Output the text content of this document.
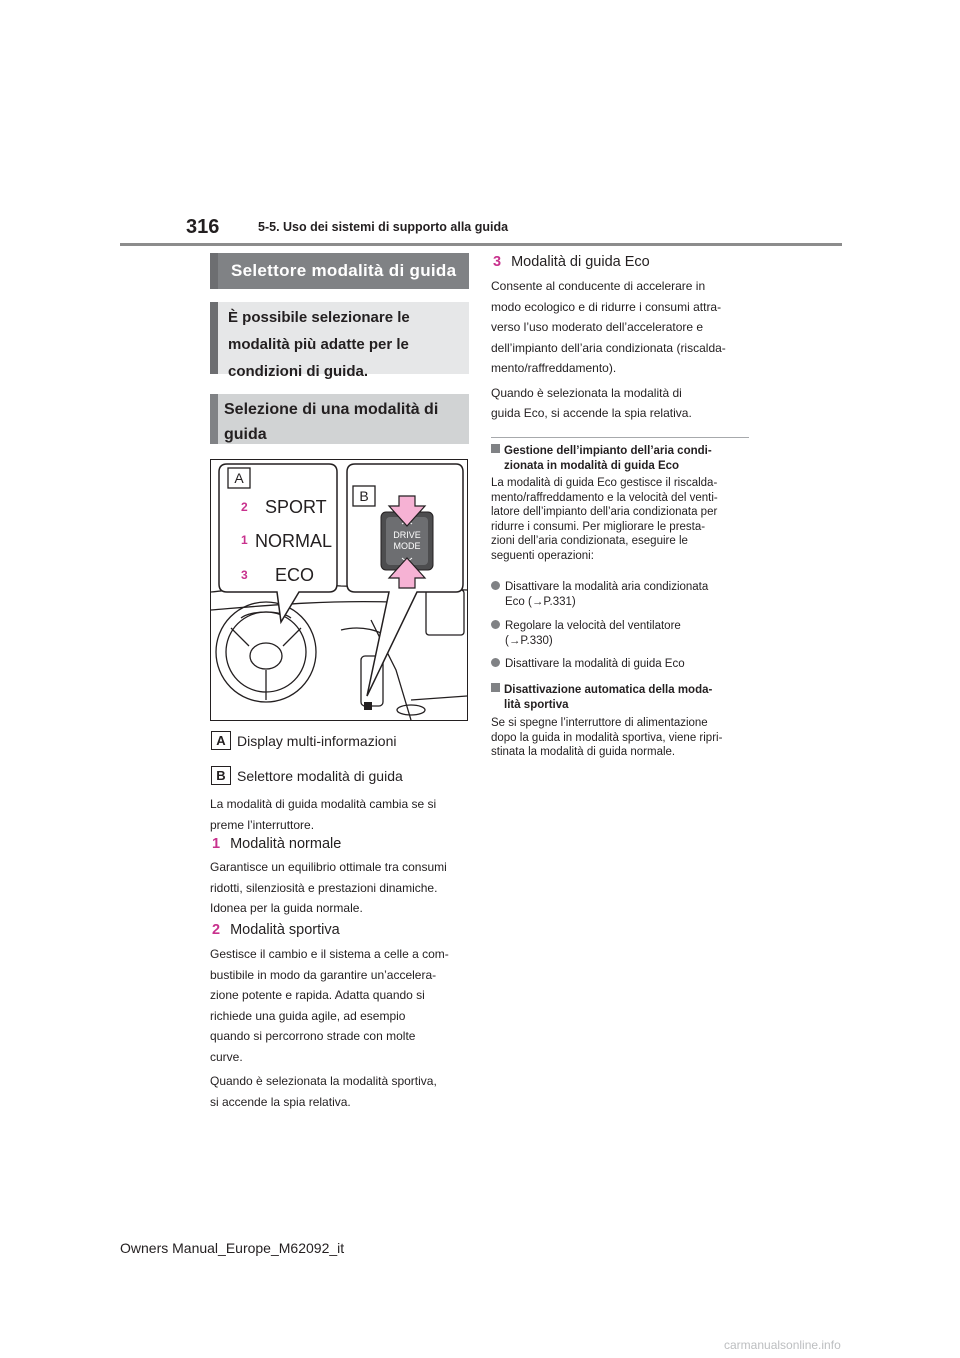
316	5-5. Uso dei sistemi di supporto alla guida
Selettore modalità di guida
È possibile selezionare le modalità più adatte per le condizioni di guida.
Selezione di una modalità di guida
DRIVE
MODE
A
B
2 SPORT
1 NORMAL
3 ECO
A Display multi-informazioni
B Selettore modalità di guida
La modalità di guida modalità cambia se si
preme l’interruttore.
1 Modalità normale
Garantisce un equilibrio ottimale tra consumi
ridotti, silenziosità e prestazioni dinamiche.
Idonea per la guida normale.
2 Modalità sportiva
Gestisce il cambio e il sistema a celle a com-
bustibile in modo da garantire un’accelera-
zione potente e rapida. Adatta quando si
richiede una guida agile, ad esempio
quando si percorrono strade con molte
curve.
Quando è selezionata la modalità sportiva,
si accende la spia relativa.
3 Modalità di guida Eco
Consente al conducente di accelerare in
modo ecologico e di ridurre i consumi attra-
verso l’uso moderato dell’acceleratore e
dell’impianto dell’aria condizionata (riscalda-
mento/raffreddamento).
Quando è selezionata la modalità di
guida Eco, si accende la spia relativa.
Gestione dell’impianto dell’aria condi-
zionata in modalità di guida Eco
La modalità di guida Eco gestisce il riscalda-
mento/raffreddamento e la velocità del venti-
latore dell’impianto dell’aria condizionata per
ridurre i consumi. Per migliorare le presta-
zioni dell’aria condizionata, eseguire le
seguenti operazioni:
Disattivare la modalità aria condizionata
Eco (→P.331)
Regolare la velocità del ventilatore
(→P.330)
Disattivare la modalità di guida Eco
Disattivazione automatica della moda-
lità sportiva
Se si spegne l’interruttore di alimentazione
dopo la guida in modalità sportiva, viene ripri-
stinata la modalità di guida normale.
Owners Manual_Europe_M62092_it
carmanualsonline.info
